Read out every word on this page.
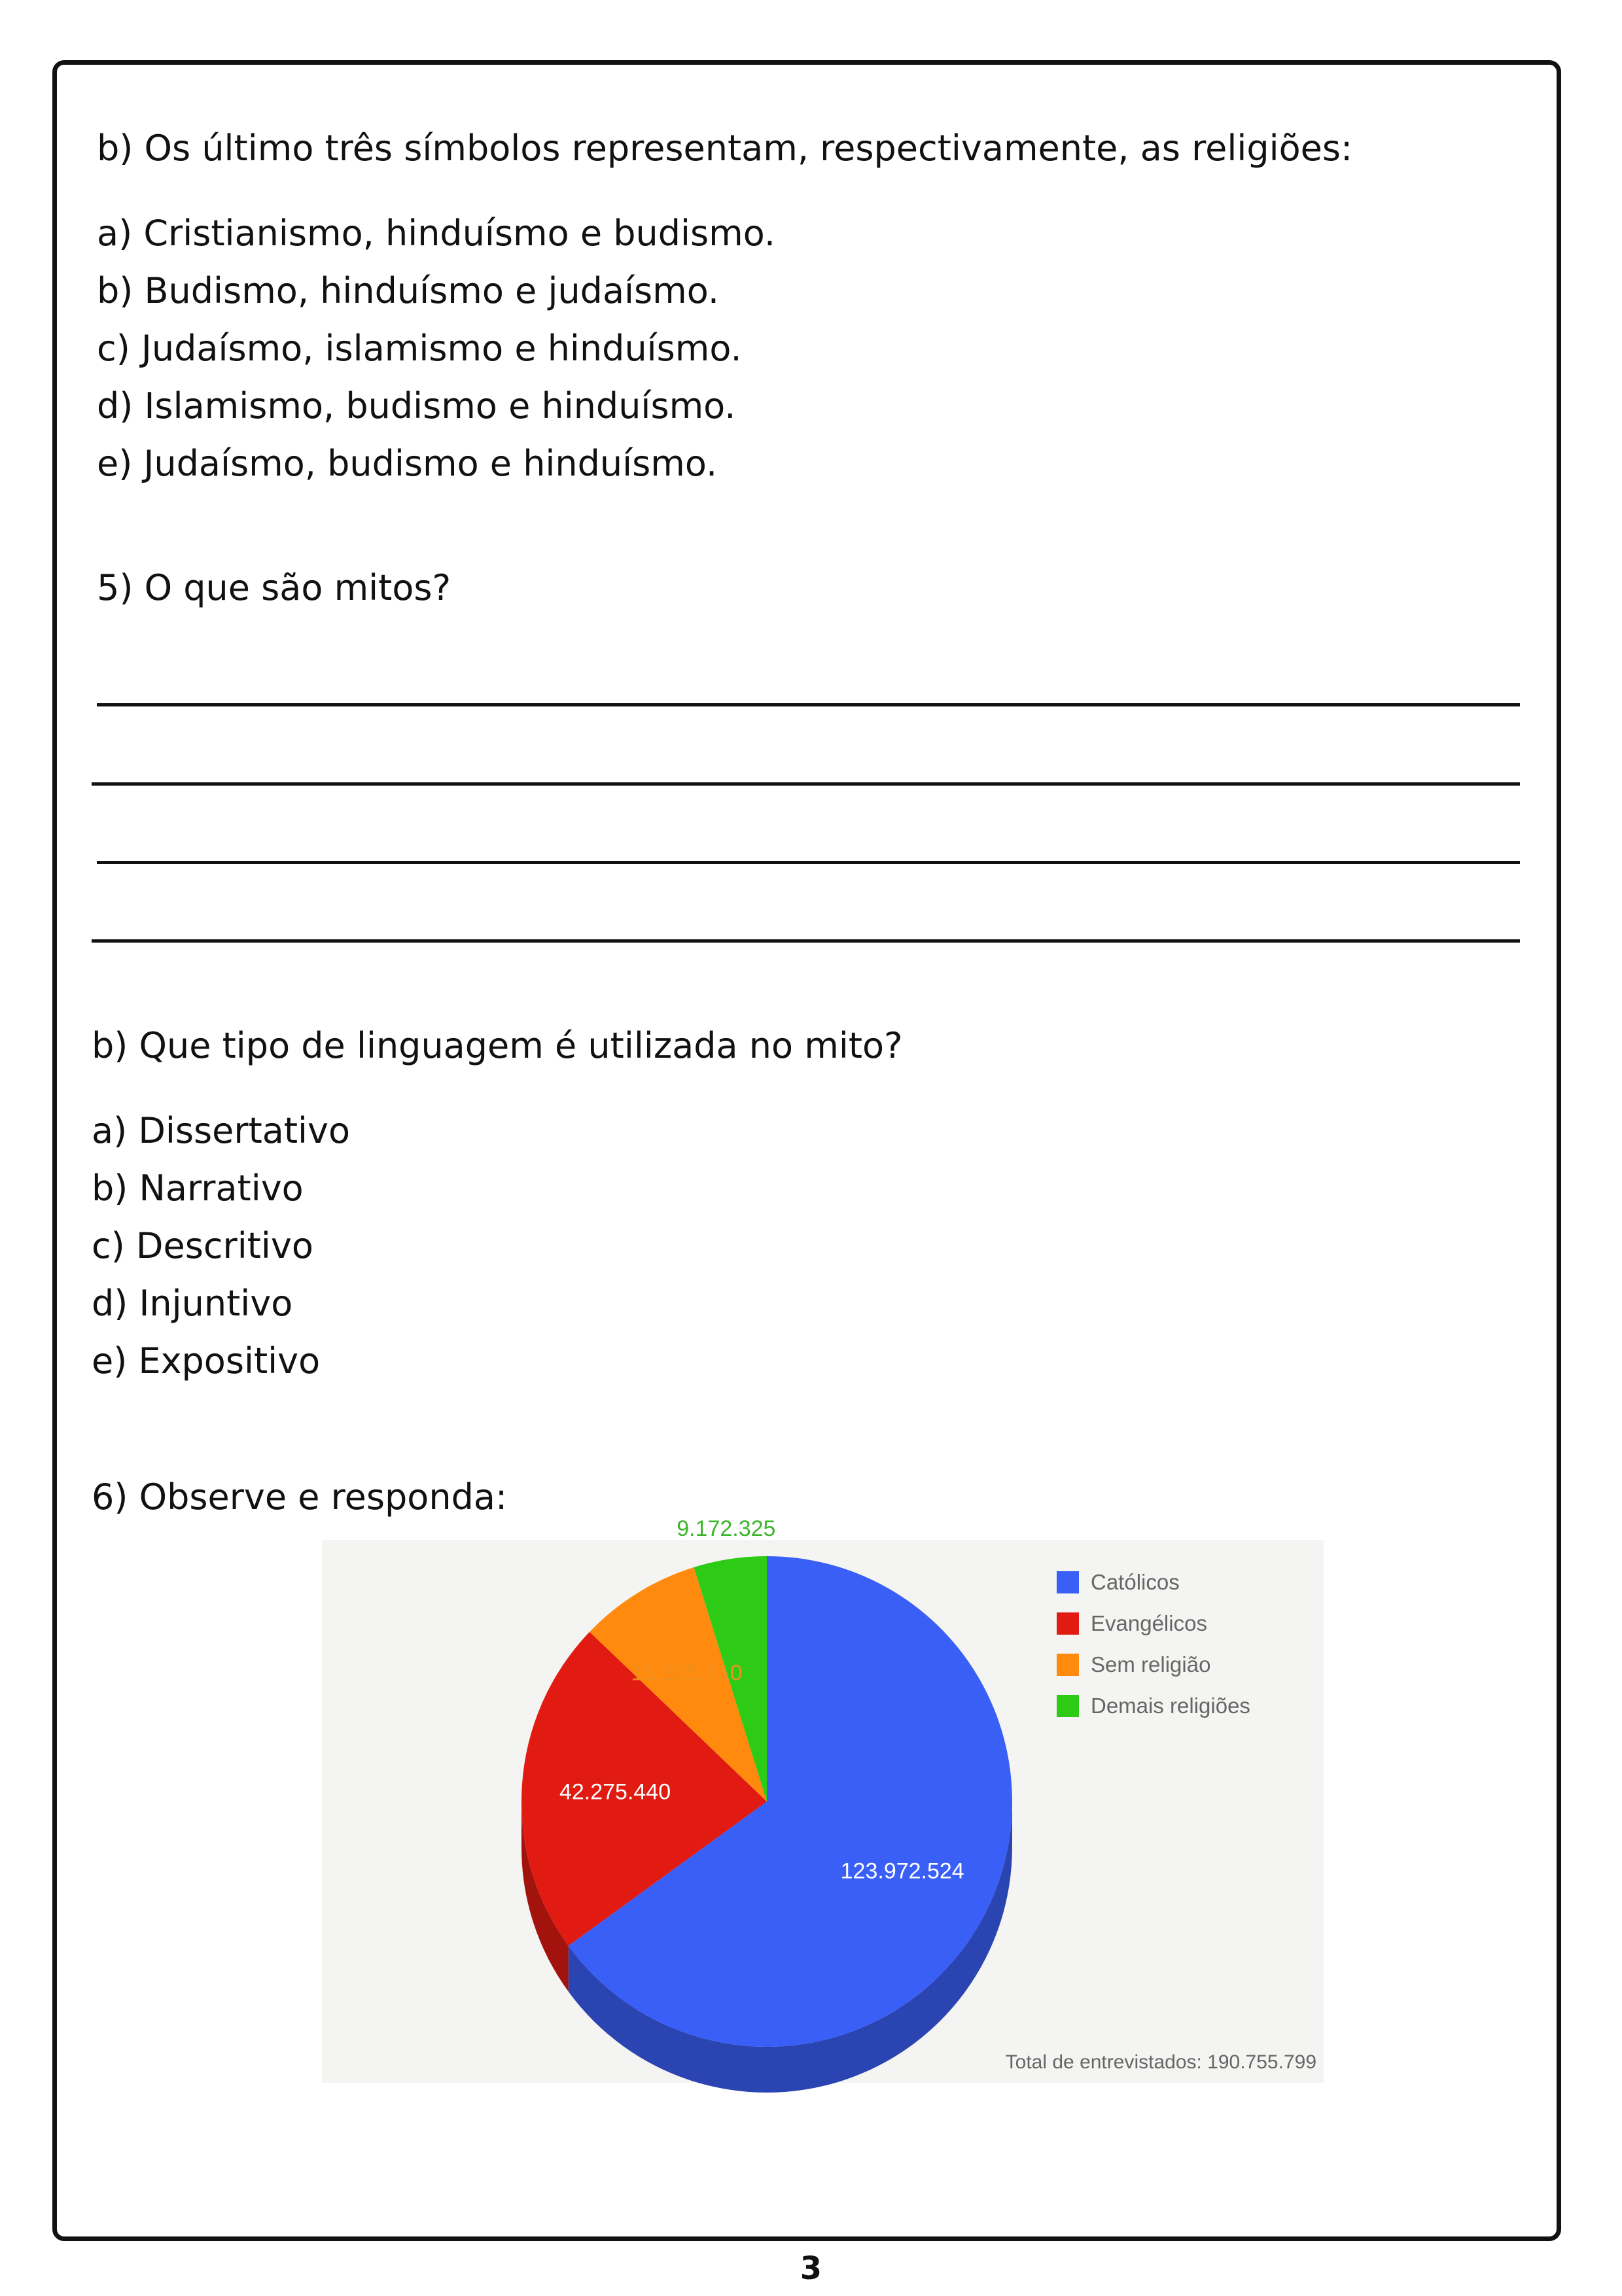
b) Os último três símbolos representam, respectivamente, as religiões:
a) Cristianismo, hinduísmo e budismo.
b) Budismo, hinduísmo e judaísmo.
c) Judaísmo, islamismo e hinduísmo.
d) Islamismo, budismo e hinduísmo.
e) Judaísmo, budismo e hinduísmo.
5) O que são mitos?
b) Que tipo de linguagem é utilizada no mito?
a) Dissertativo
b) Narrativo
c) Descritivo
d) Injuntivo
e) Expositivo
6) Observe e responda:
123.972.524
42.275.440
15.335.510
9.172.325
Católicos
Evangélicos
Sem religião
Demais religiões
Total de entrevistados: 190.755.799
3
